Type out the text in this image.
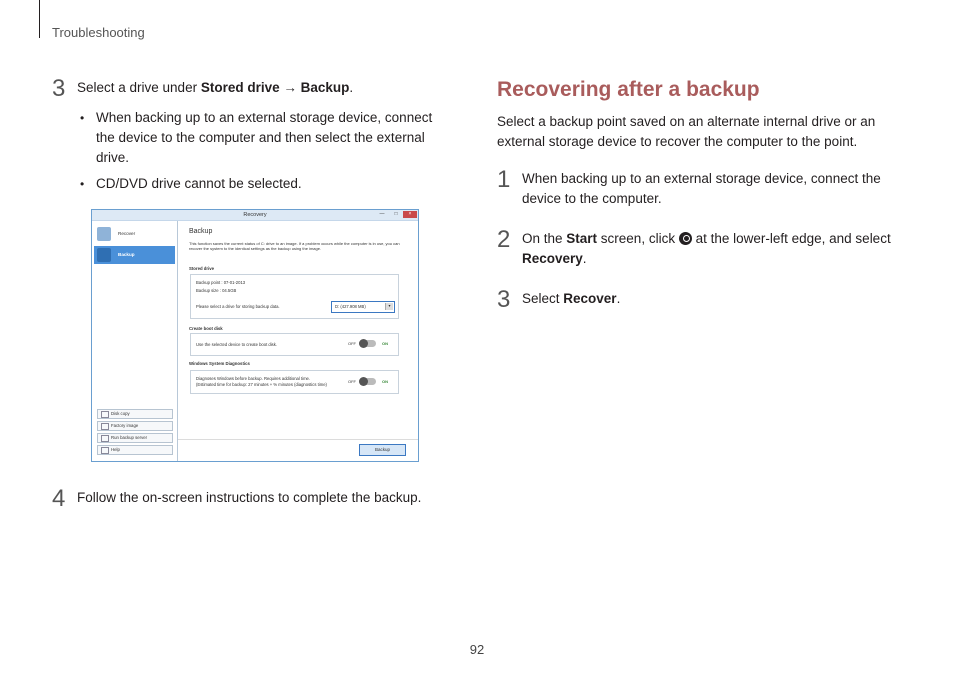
Troubleshooting
3 Select a drive under Stored drive → Backup.
• When backing up to an external storage device, connect the device to the computer and then select the external drive.
• CD/DVD drive cannot be selected.
Recovery	—	□	×
Recover
Backup
Disk copy
Factory image
Run backup server
Help
Backup
This function saves the current status of C: drive to an image. If a problem occurs while the computer is in use, you can recover the system to the identical settings as the backup using the image.
Stored drive
Backup point : 07-01-2013
Backup size : 04.5GB
Please select a drive for storing backup data.	D: (427.908 MB)	▾
Create boot disk
Use the selected device to create boot disk.	OFF	ON
Windows System Diagnostics
Diagnoses Windows before backup. Requires additional time.
(Estimated time for backup: 27 minutes + % minutes (diagnostics time)
OFF	ON
Backup
4 Follow the on-screen instructions to complete the backup.
Recovering after a backup
Select a backup point saved on an alternate internal drive or an external storage device to recover the computer to the point.
1 When backing up to an external storage device, connect the device to the computer.
2 On the Start screen, click  at the lower-left edge, and select Recovery.
3 Select Recover.
92
